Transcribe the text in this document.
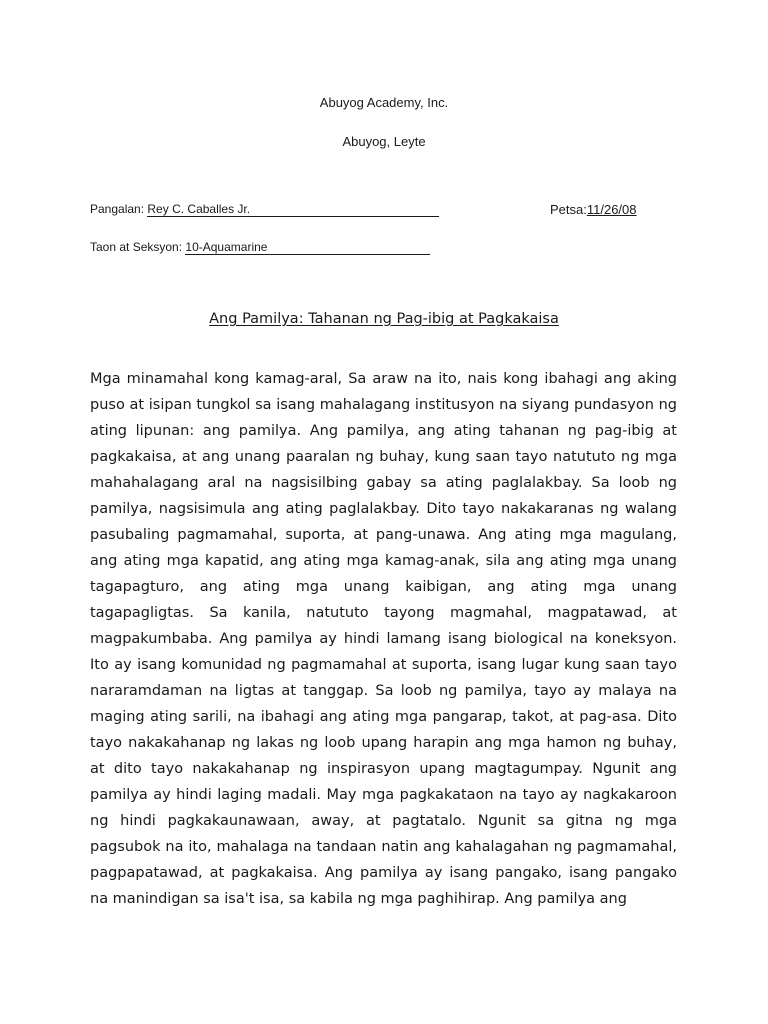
Abuyog Academy, Inc.
Abuyog, Leyte
Pangalan: Rey C. Caballes Jr.	Petsa:11/26/08
Taon at Seksyon: 10-Aquamarine
Ang Pamilya: Tahanan ng Pag-ibig at Pagkakaisa

Mga minamahal kong kamag-aral, Sa araw na ito, nais kong ibahagi ang aking puso at isipan tungkol sa isang mahalagang institusyon na siyang pundasyon ng ating lipunan: ang pamilya. Ang pamilya, ang ating tahanan ng pag-ibig at pagkakaisa, at ang unang paaralan ng buhay, kung saan tayo natututo ng mga mahahalagang aral na nagsisilbing gabay sa ating paglalakbay. Sa loob ng pamilya, nagsisimula ang ating paglalakbay. Dito tayo nakakaranas ng walang pasubaling pagmamahal, suporta, at pang-unawa. Ang ating mga magulang, ang ating mga kapatid, ang ating mga kamag-anak, sila ang ating mga unang tagapagturo, ang ating mga unang kaibigan, ang ating mga unang tagapagligtas. Sa kanila, natututo tayong magmahal, magpatawad, at magpakumbaba. Ang pamilya ay hindi lamang isang biological na koneksyon. Ito ay isang komunidad ng pagmamahal at suporta, isang lugar kung saan tayo nararamdaman na ligtas at tanggap. Sa loob ng pamilya, tayo ay malaya na maging ating sarili, na ibahagi ang ating mga pangarap, takot, at pag-asa. Dito tayo nakakahanap ng lakas ng loob upang harapin ang mga hamon ng buhay, at dito tayo nakakahanap ng inspirasyon upang magtagumpay. Ngunit ang pamilya ay hindi laging madali. May mga pagkakataon na tayo ay nagkakaroon ng hindi pagkakaunawaan, away, at pagtatalo. Ngunit sa gitna ng mga pagsubok na ito, mahalaga na tandaan natin ang kahalagahan ng pagmamahal, pagpapatawad, at pagkakaisa. Ang pamilya ay isang pangako, isang pangako na manindigan sa isa't isa, sa kabila ng mga paghihirap. Ang pamilya ang
